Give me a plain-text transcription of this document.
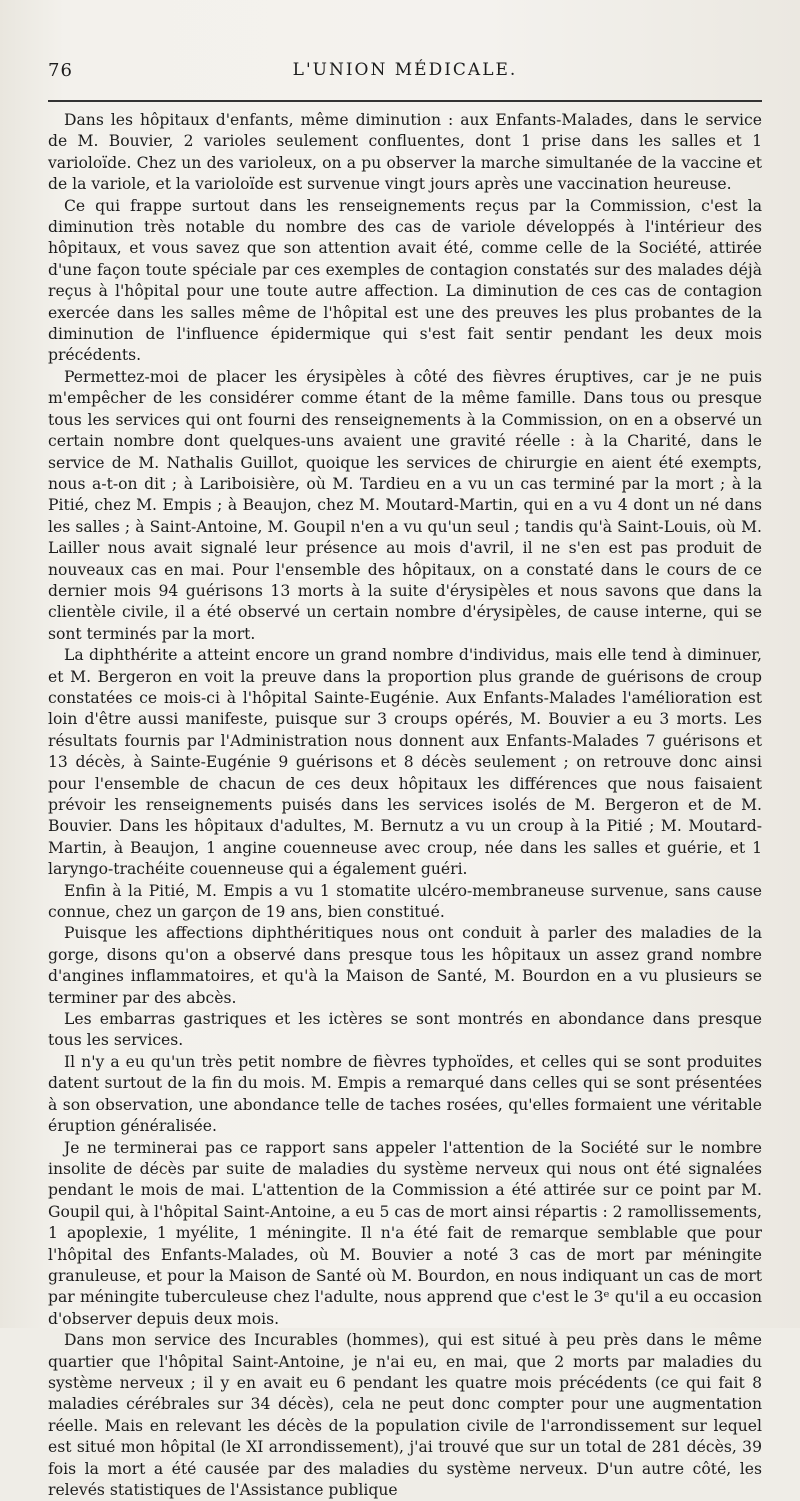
76	L'UNION MÉDICALE.

Dans les hôpitaux d'enfants, même diminution : aux Enfants-Malades, dans le service de M. Bouvier, 2 varioles seulement confluentes, dont 1 prise dans les salles et 1 varioloïde. Chez un des varioleux, on a pu observer la marche simultanée de la vaccine et de la variole, et la varioloïde est survenue vingt jours après une vaccination heureuse.

Ce qui frappe surtout dans les renseignements reçus par la Commission, c'est la diminution très notable du nombre des cas de variole développés à l'intérieur des hôpitaux, et vous savez que son attention avait été, comme celle de la Société, attirée d'une façon toute spéciale par ces exemples de contagion constatés sur des malades déjà reçus à l'hôpital pour une toute autre affection. La diminution de ces cas de contagion exercée dans les salles même de l'hôpital est une des preuves les plus probantes de la diminution de l'influence épidermique qui s'est fait sentir pendant les deux mois précédents.

Permettez-moi de placer les érysipèles à côté des fièvres éruptives, car je ne puis m'empêcher de les considérer comme étant de la même famille. Dans tous ou presque tous les services qui ont fourni des renseignements à la Commission, on en a observé un certain nombre dont quelques-uns avaient une gravité réelle : à la Charité, dans le service de M. Nathalis Guillot, quoique les services de chirurgie en aient été exempts, nous a-t-on dit ; à Lariboisière, où M. Tardieu en a vu un cas terminé par la mort ; à la Pitié, chez M. Empis ; à Beaujon, chez M. Moutard-Martin, qui en a vu 4 dont un né dans les salles ; à Saint-Antoine, M. Goupil n'en a vu qu'un seul ; tandis qu'à Saint-Louis, où M. Lailler nous avait signalé leur présence au mois d'avril, il ne s'en est pas produit de nouveaux cas en mai. Pour l'ensemble des hôpitaux, on a constaté dans le cours de ce dernier mois 94 guérisons 13 morts à la suite d'érysipèles et nous savons que dans la clientèle civile, il a été observé un certain nombre d'érysipèles, de cause interne, qui se sont terminés par la mort.

La diphthérite a atteint encore un grand nombre d'individus, mais elle tend à diminuer, et M. Bergeron en voit la preuve dans la proportion plus grande de guérisons de croup constatées ce mois-ci à l'hôpital Sainte-Eugénie. Aux Enfants-Malades l'amélioration est loin d'être aussi manifeste, puisque sur 3 croups opérés, M. Bouvier a eu 3 morts. Les résultats fournis par l'Administration nous donnent aux Enfants-Malades 7 guérisons et 13 décès, à Sainte-Eugénie 9 guérisons et 8 décès seulement ; on retrouve donc ainsi pour l'ensemble de chacun de ces deux hôpitaux les différences que nous faisaient prévoir les renseignements puisés dans les services isolés de M. Bergeron et de M. Bouvier. Dans les hôpitaux d'adultes, M. Bernutz a vu un croup à la Pitié ; M. Moutard-Martin, à Beaujon, 1 angine couenneuse avec croup, née dans les salles et guérie, et 1 laryngo-trachéite couenneuse qui a également guéri.

Enfin à la Pitié, M. Empis a vu 1 stomatite ulcéro-membraneuse survenue, sans cause connue, chez un garçon de 19 ans, bien constitué.

Puisque les affections diphthéritiques nous ont conduit à parler des maladies de la gorge, disons qu'on a observé dans presque tous les hôpitaux un assez grand nombre d'angines inflammatoires, et qu'à la Maison de Santé, M. Bourdon en a vu plusieurs se terminer par des abcès.

Les embarras gastriques et les ictères se sont montrés en abondance dans presque tous les services.

Il n'y a eu qu'un très petit nombre de fièvres typhoïdes, et celles qui se sont produites datent surtout de la fin du mois. M. Empis a remarqué dans celles qui se sont présentées à son observation, une abondance telle de taches rosées, qu'elles formaient une véritable éruption généralisée.

Je ne terminerai pas ce rapport sans appeler l'attention de la Société sur le nombre insolite de décès par suite de maladies du système nerveux qui nous ont été signalées pendant le mois de mai. L'attention de la Commission a été attirée sur ce point par M. Goupil qui, à l'hôpital Saint-Antoine, a eu 5 cas de mort ainsi répartis : 2 ramollissements, 1 apoplexie, 1 myélite, 1 méningite. Il n'a été fait de remarque semblable que pour l'hôpital des Enfants-Malades, où M. Bouvier a noté 3 cas de mort par méningite granuleuse, et pour la Maison de Santé où M. Bourdon, en nous indiquant un cas de mort par méningite tuberculeuse chez l'adulte, nous apprend que c'est le 3ᵉ qu'il a eu occasion d'observer depuis deux mois.

Dans mon service des Incurables (hommes), qui est situé à peu près dans le même quartier que l'hôpital Saint-Antoine, je n'ai eu, en mai, que 2 morts par maladies du système nerveux ; il y en avait eu 6 pendant les quatre mois précédents (ce qui fait 8 maladies cérébrales sur 34 décès), cela ne peut donc compter pour une augmentation réelle. Mais en relevant les décès de la population civile de l'arrondissement sur lequel est situé mon hôpital (le XI arrondissement), j'ai trouvé que sur un total de 281 décès, 39 fois la mort a été causée par des maladies du système nerveux. D'un autre côté, les relevés statistiques de l'Assistance publique
